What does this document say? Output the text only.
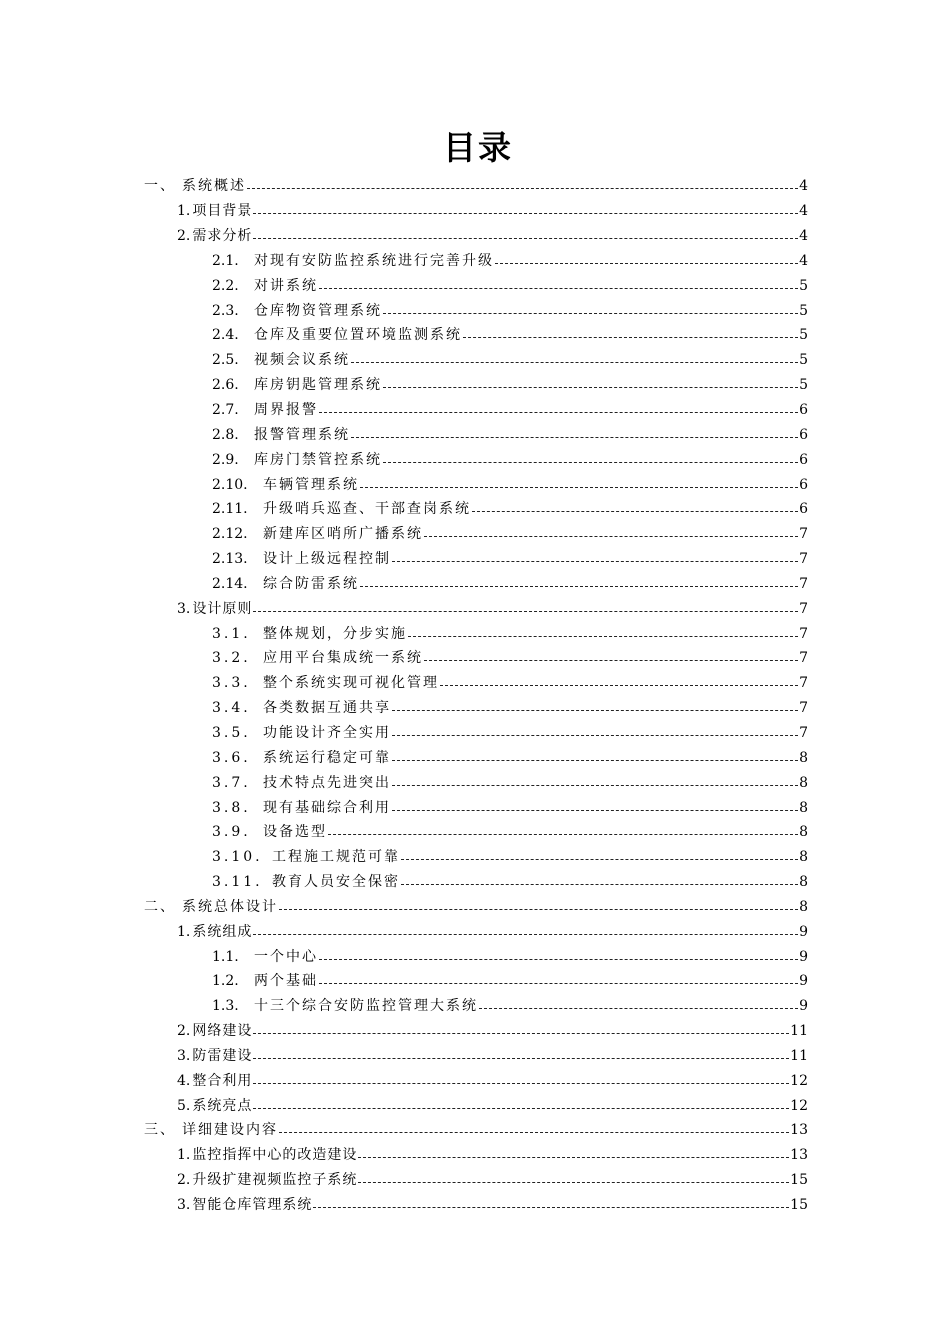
目录
一、 系统概述	4
1. 项目背景	4
2. 需求分析	4
2.1.	对现有安防监控系统进行完善升级	4
2.2.	对讲系统	5
2.3.	仓库物资管理系统	5
2.4.	仓库及重要位置环境监测系统	5
2.5.	视频会议系统	5
2.6.	库房钥匙管理系统	5
2.7.	周界报警	6
2.8.	报警管理系统	6
2.9.	库房门禁管控系统	6
2.10.	车辆管理系统	6
2.11.	升级哨兵巡查、干部查岗系统	6
2.12.	新建库区哨所广播系统	7
2.13.	设计上级远程控制	7
2.14.	综合防雷系统	7
3. 设计原则	7
3.1. 整体规划，分步实施	7
3.2. 应用平台集成统一系统	7
3.3. 整个系统实现可视化管理	7
3.4. 各类数据互通共享	7
3.5. 功能设计齐全实用	7
3.6. 系统运行稳定可靠	8
3.7. 技术特点先进突出	8
3.8. 现有基础综合利用	8
3.9. 设备选型	8
3.10. 工程施工规范可靠	8
3.11. 教育人员安全保密	8
二、 系统总体设计	8
1. 系统组成	9
1.1.	一个中心	9
1.2.	两个基础	9
1.3.	十三个综合安防监控管理大系统	9
2. 网络建设	11
3. 防雷建设	11
4. 整合利用	12
5. 系统亮点	12
三、 详细建设内容	13
1. 监控指挥中心的改造建设	13
2. 升级扩建视频监控子系统	15
3. 智能仓库管理系统	15
